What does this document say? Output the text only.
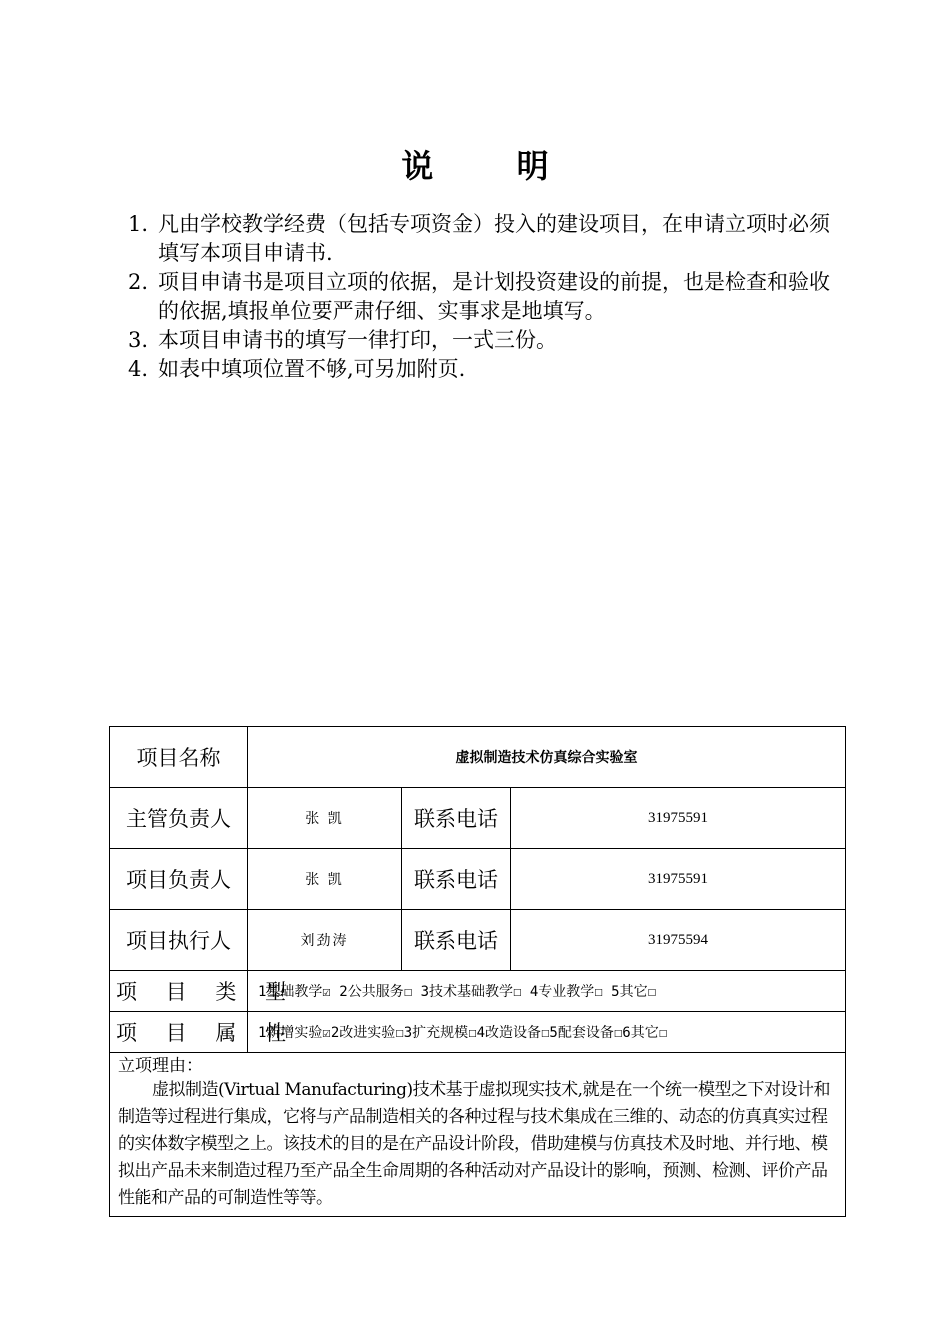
说 明
1. 凡由学校教学经费（包括专项资金）投入的建设项目，在申请立项时必须填写本项目申请书.
2. 项目申请书是项目立项的依据，是计划投资建设的前提，也是检查和验收的依据,填报单位要严肃仔细、实事求是地填写。
3. 本项目申请书的填写一律打印，一式三份。
4. 如表中填项位置不够,可另加附页.
项目名称	虚拟制造技术仿真综合实验室		
主管负责人	张 凯	联系电话	31975591
项目负责人	张 凯	联系电话	31975591
项目执行人	刘劲涛	联系电话	31975594
项 目 类 型	1基础教学☑ 2公共服务☐ 3技术基础教学☐ 4专业教学☐ 5其它☐		
项 目 属 性	1新增实验☑2改进实验☐3扩充规模☐4改造设备☐5配套设备☐6其它☐		

立项理由：
虚拟制造(Virtual Manufacturing)技术基于虚拟现实技术,就是在一个统一模型之下对设计和制造等过程进行集成，它将与产品制造相关的各种过程与技术集成在三维的、动态的仿真真实过程的实体数字模型之上。该技术的目的是在产品设计阶段，借助建模与仿真技术及时地、并行地、模拟出产品未来制造过程乃至产品全生命周期的各种活动对产品设计的影响，预测、检测、评价产品性能和产品的可制造性等等。			
